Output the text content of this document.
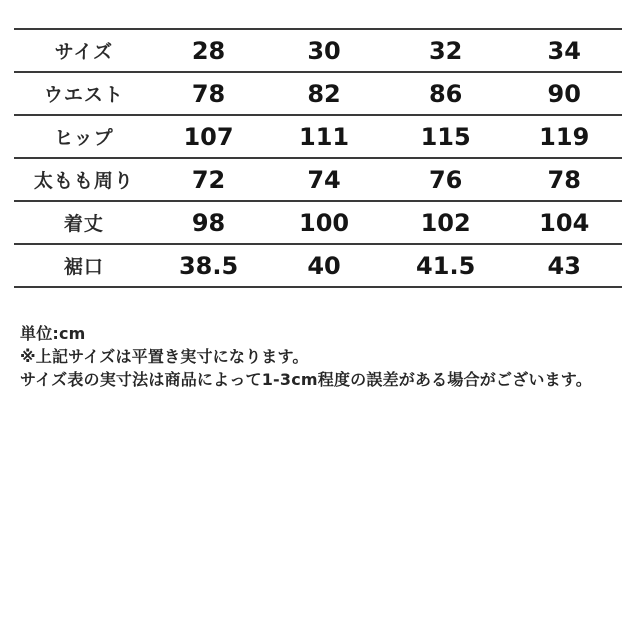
サイズ	28	30	32	34
ウエスト	78	82	86	90
ヒップ	107	111	115	119
太もも周り	72	74	76	78
着丈	98	100	102	104
裾口	38.5	40	41.5	43
単位:cm
※上記サイズは平置き実寸になります。
サイズ表の実寸法は商品によって1-3cm程度の誤差がある場合がございます。
